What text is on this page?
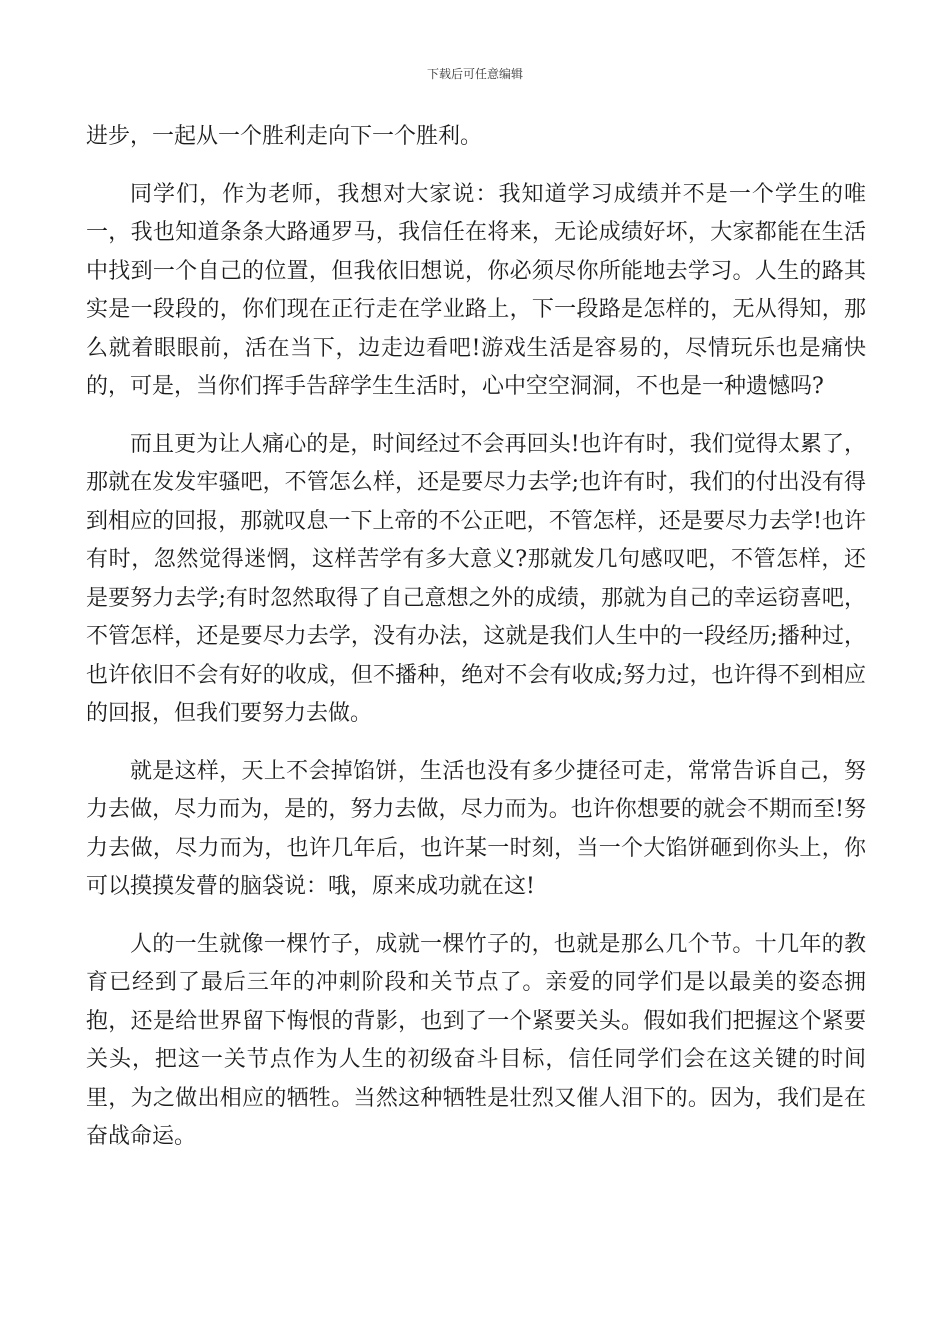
下载后可任意编辑

进步，一起从一个胜利走向下一个胜利。

同学们，作为老师，我想对大家说：我知道学习成绩并不是一个学生的唯一，我也知道条条大路通罗马，我信任在将来，无论成绩好坏，大家都能在生活中找到一个自己的位置，但我依旧想说，你必须尽你所能地去学习。人生的路其实是一段段的，你们现在正行走在学业路上，下一段路是怎样的，无从得知，那么就着眼眼前，活在当下，边走边看吧!游戏生活是容易的，尽情玩乐也是痛快的，可是，当你们挥手告辞学生生活时，心中空空洞洞，不也是一种遗憾吗?

而且更为让人痛心的是，时间经过不会再回头!也许有时，我们觉得太累了，那就在发发牢骚吧，不管怎么样，还是要尽力去学;也许有时，我们的付出没有得到相应的回报，那就叹息一下上帝的不公正吧，不管怎样，还是要尽力去学!也许有时，忽然觉得迷惘，这样苦学有多大意义?那就发几句感叹吧，不管怎样，还是要努力去学;有时忽然取得了自己意想之外的成绩，那就为自己的幸运窃喜吧，不管怎样，还是要尽力去学，没有办法，这就是我们人生中的一段经历;播种过，也许依旧不会有好的收成，但不播种，绝对不会有收成;努力过，也许得不到相应的回报，但我们要努力去做。

就是这样，天上不会掉馅饼，生活也没有多少捷径可走，常常告诉自己，努力去做，尽力而为，是的，努力去做，尽力而为。也许你想要的就会不期而至!努力去做，尽力而为，也许几年后，也许某一时刻，当一个大馅饼砸到你头上，你可以摸摸发瞢的脑袋说：哦，原来成功就在这!

人的一生就像一棵竹子，成就一棵竹子的，也就是那么几个节。十几年的教育已经到了最后三年的冲刺阶段和关节点了。亲爱的同学们是以最美的姿态拥抱，还是给世界留下悔恨的背影，也到了一个紧要关头。假如我们把握这个紧要关头，把这一关节点作为人生的初级奋斗目标，信任同学们会在这关键的时间里，为之做出相应的牺牲。当然这种牺牲是壮烈又催人泪下的。因为，我们是在奋战命运。
